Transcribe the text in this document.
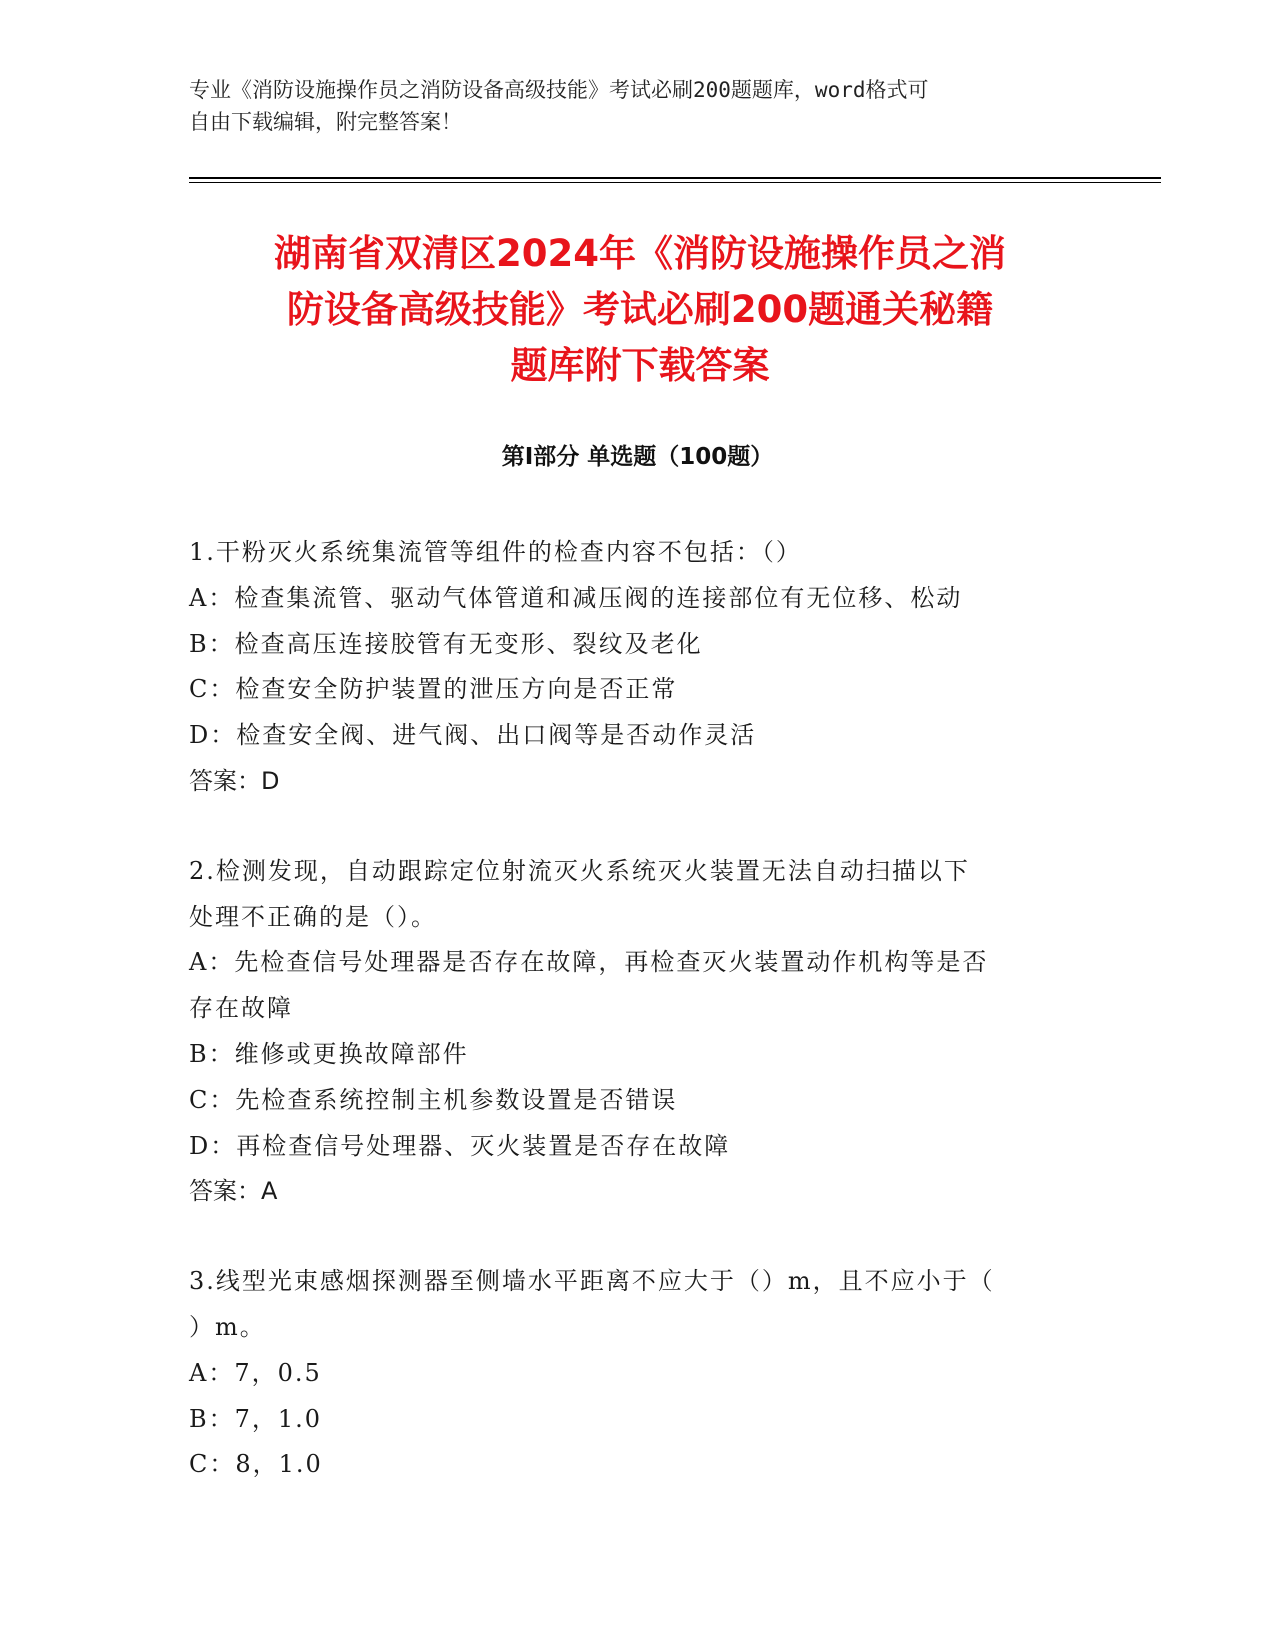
专业《消防设施操作员之消防设备高级技能》考试必刷200题题库，word格式可
自由下载编辑，附完整答案！
湖南省双清区2024年《消防设施操作员之消
防设备高级技能》考试必刷200题通关秘籍
题库附下载答案
第Ⅰ部分 单选题（100题）
1.干粉灭火系统集流管等组件的检查内容不包括：（）
A：检查集流管、驱动气体管道和减压阀的连接部位有无位移、松动
B：检查高压连接胶管有无变形、裂纹及老化
C：检查安全防护装置的泄压方向是否正常
D：检查安全阀、进气阀、出口阀等是否动作灵活
答案：D
2.检测发现，自动跟踪定位射流灭火系统灭火装置无法自动扫描以下
处理不正确的是（）。
A：先检查信号处理器是否存在故障，再检查灭火装置动作机构等是否
存在故障
B：维修或更换故障部件
C：先检查系统控制主机参数设置是否错误
D：再检查信号处理器、灭火装置是否存在故障
答案：A
3.线型光束感烟探测器至侧墙水平距离不应大于（）m，且不应小于（
）m。
A：7，0.5
B：7，1.0
C：8，1.0
